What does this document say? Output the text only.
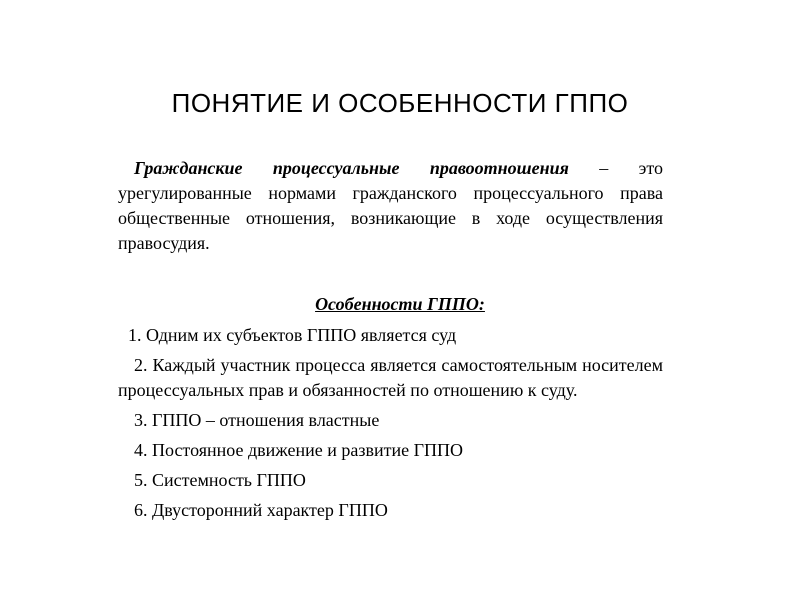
ПОНЯТИЕ И ОСОБЕННОСТИ ГППО

Гражданские процессуальные правоотношения – это урегулированные нормами гражданского процессуального права общественные отношения, возникающие в ходе осуществления правосудия.

Особенности ГППО:
1. Одним их субъектов ГППО является суд
2. Каждый участник процесса является самостоятельным носителем процессуальных прав и обязанностей по отношению к суду.
3. ГППО – отношения властные
4. Постоянное движение и развитие ГППО
5. Системность ГППО
6. Двусторонний характер ГППО
